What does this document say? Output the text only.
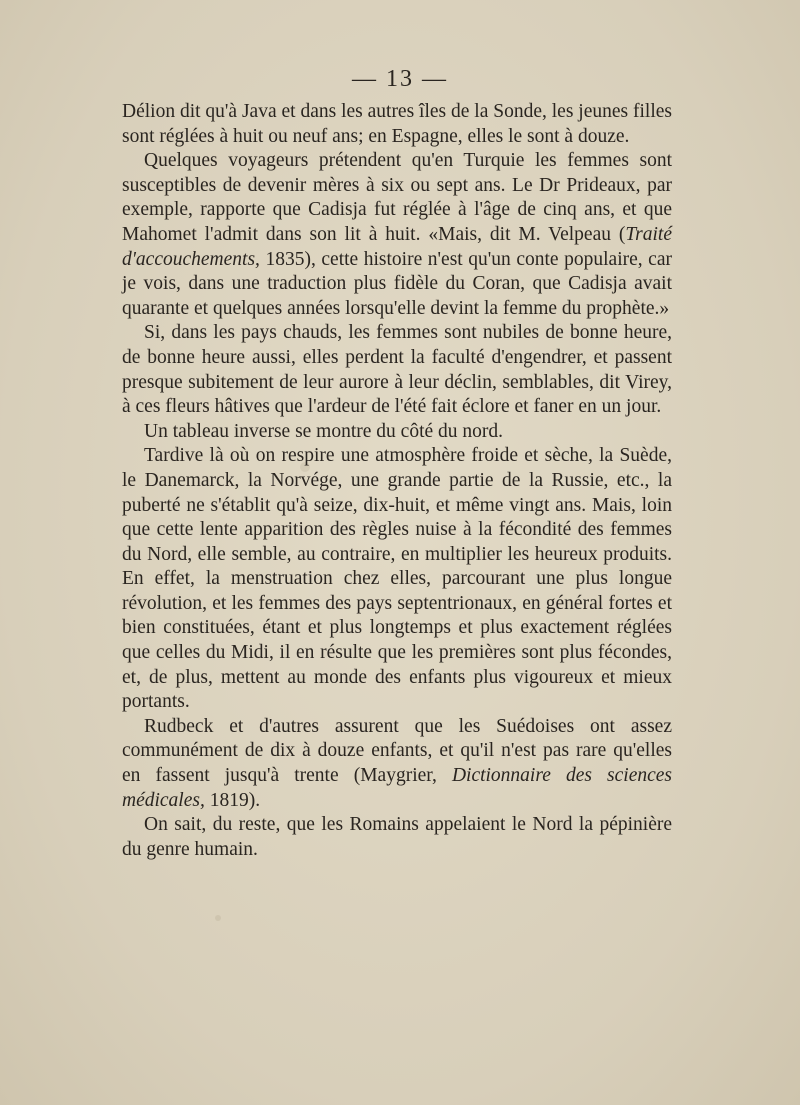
— 13 —

Délion dit qu'à Java et dans les autres îles de la Sonde, les jeunes filles sont réglées à huit ou neuf ans; en Espagne, elles le sont à douze.

Quelques voyageurs prétendent qu'en Turquie les femmes sont susceptibles de devenir mères à six ou sept ans. Le Dr Prideaux, par exemple, rapporte que Cadisja fut réglée à l'âge de cinq ans, et que Mahomet l'admit dans son lit à huit. «Mais, dit M. Velpeau (Traité d'accouchements, 1835), cette histoire n'est qu'un conte populaire, car je vois, dans une traduction plus fidèle du Coran, que Cadisja avait quarante et quelques années lorsqu'elle devint la femme du prophète.»

Si, dans les pays chauds, les femmes sont nubiles de bonne heure, de bonne heure aussi, elles perdent la faculté d'engendrer, et passent presque subitement de leur aurore à leur déclin, semblables, dit Virey, à ces fleurs hâtives que l'ardeur de l'été fait éclore et faner en un jour.

Un tableau inverse se montre du côté du nord.

Tardive là où on respire une atmosphère froide et sèche, la Suède, le Danemarck, la Norvége, une grande partie de la Russie, etc., la puberté ne s'établit qu'à seize, dix-huit, et même vingt ans. Mais, loin que cette lente apparition des règles nuise à la fécondité des femmes du Nord, elle semble, au contraire, en multiplier les heureux produits. En effet, la menstruation chez elles, parcourant une plus longue révolution, et les femmes des pays septentrionaux, en général fortes et bien constituées, étant et plus longtemps et plus exactement réglées que celles du Midi, il en résulte que les premières sont plus fécondes, et, de plus, mettent au monde des enfants plus vigoureux et mieux portants.

Rudbeck et d'autres assurent que les Suédoises ont assez communément de dix à douze enfants, et qu'il n'est pas rare qu'elles en fassent jusqu'à trente (Maygrier, Dictionnaire des sciences médicales, 1819).

On sait, du reste, que les Romains appelaient le Nord la pépinière du genre humain.
